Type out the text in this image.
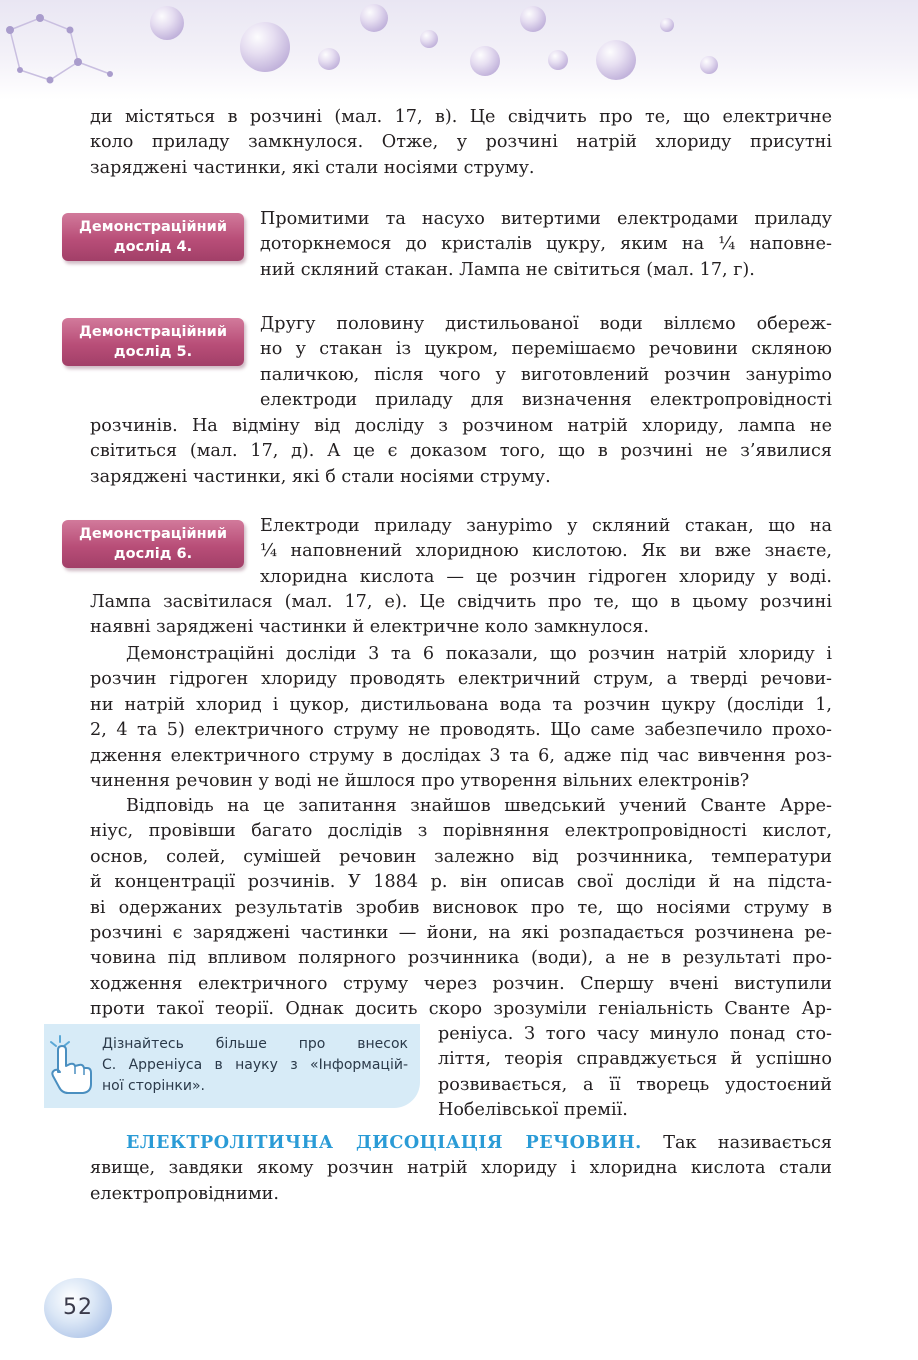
ди містяться в розчині (мал. 17, в). Це свідчить про те, що електричне

коло приладу замкнулося. Отже, у розчині натрій хлориду присутні

заряджені частинки, які стали носіями струму.

Демонстраційний
дослід 4.

Промитими та насухо витертими електродами приладу

доторкнемося до кристалів цукру, яким на ¼ наповне-

ний скляний стакан. Лампа не світиться (мал. 17, г).

Демонстраційний
дослід 5.

Другу половину дистильованої води віллємо обереж-

но у стакан із цукром, перемішаємо речовини скляною

паличкою, після чого у виготовлений розчин занурimo

електроди приладу для визначення електропровідності

розчинів. На відміну від досліду з розчином натрій хлориду, лампа не

світиться (мал. 17, д). А це є доказом того, що в розчині не з’явилися

заряджені частинки, які б стали носіями струму.

Демонстраційний
дослід 6.

Електроди приладу занурimo у скляний стакан, що на

¼ наповнений хлоридною кислотою. Як ви вже знаєте,

хлоридна кислота — це розчин гідроген хлориду у воді.

Лампа засвітилася (мал. 17, е). Це свідчить про те, що в цьому розчині

наявні заряджені частинки й електричне коло замкнулося.

Демонстраційні досліди 3 та 6 показали, що розчин натрій хлориду і

розчин гідроген хлориду проводять електричний струм, а тверді речови-

ни натрій хлорид і цукор, дистильована вода та розчин цукру (досліди 1,

2, 4 та 5) електричного струму не проводять. Що саме забезпечило прохо-

дження електричного струму в дослідах 3 та 6, адже під час вивчення роз-

чинення речовин у воді не йшлося про утворення вільних електронів?

Відповідь на це запитання знайшов шведський учений Сванте Арре-

ніус, провівши багато дослідів з порівняння електропровідності кислот,

основ, солей, сумішей речовин залежно від розчинника, температури

й концентрації розчинів. У 1884 р. він описав свої досліди й на підста-

ві одержаних результатів зробив висновок про те, що носіями струму в

розчині є заряджені частинки — йони, на які розпадається розчинена ре-

човина під впливом полярного розчинника (води), а не в результаті про-

ходження електричного струму через розчин. Спершу вчені виступили

проти такої теорії. Однак досить скоро зрозуміли геніальність Сванте Ар-

реніуса. З того часу минуло понад сто-

ліття, теорія справджується й успішно

розвивається, а її творець удостоєний

Нобелівської премії.

Дізнайтесь більше про внесок
С. Арреніуса в науку з «Інформацій-
ної сторінки».

ЕЛЕКТРОЛІТИЧНА ДИСОЦІАЦІЯ РЕЧОВИН. Так називається

явище, завдяки якому розчин натрій хлориду і хлоридна кислота стали

електропровідними.

52
